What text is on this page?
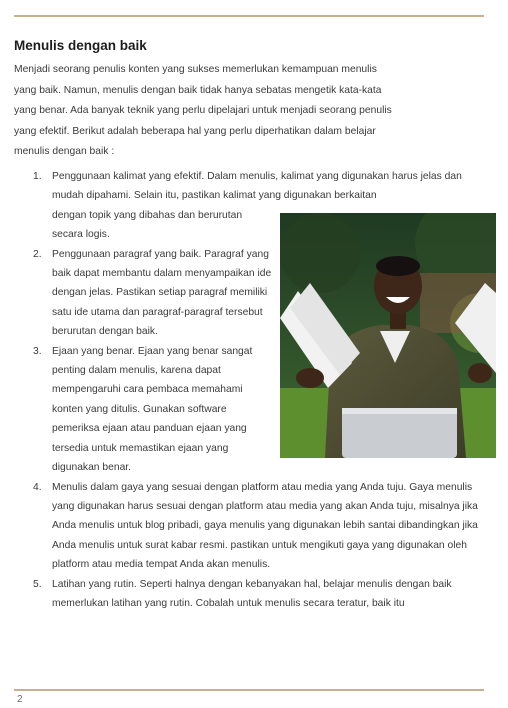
Menulis dengan baik
Menjadi seorang penulis konten yang sukses memerlukan kemampuan menulis yang baik. Namun, menulis dengan baik tidak hanya sebatas mengetik kata-kata yang benar. Ada banyak teknik yang perlu dipelajari untuk menjadi seorang penulis yang efektif. Berikut adalah beberapa hal yang perlu diperhatikan dalam belajar menulis dengan baik :
1. Penggunaan kalimat yang efektif. Dalam menulis, kalimat yang digunakan harus jelas dan mudah dipahami. Selain itu, pastikan kalimat yang digunakan berkaitan
dengan topik yang dibahas dan berurutan secara logis.
2. Penggunaan paragraf yang baik. Paragraf yang baik dapat membantu dalam menyampaikan ide dengan jelas. Pastikan setiap paragraf memiliki satu ide utama dan paragraf-paragraf tersebut berurutan dengan baik.
3. Ejaan yang benar. Ejaan yang benar sangat penting dalam menulis, karena dapat mempengaruhi cara pembaca memahami konten yang ditulis. Gunakan software pemeriksa ejaan atau panduan ejaan yang tersedia untuk memastikan ejaan yang digunakan benar.
4. Menulis dalam gaya yang sesuai dengan platform atau media yang Anda tuju. Gaya menulis yang digunakan harus sesuai dengan platform atau media yang akan Anda tuju, misalnya jika Anda menulis untuk blog pribadi, gaya menulis yang digunakan lebih santai dibandingkan jika Anda menulis untuk surat kabar resmi. pastikan untuk mengikuti gaya yang digunakan oleh platform atau media tempat Anda akan menulis.
5. Latihan yang rutin. Seperti halnya dengan kebanyakan hal, belajar menulis dengan baik memerlukan latihan yang rutin. Cobalah untuk menulis secara teratur, baik itu
2
